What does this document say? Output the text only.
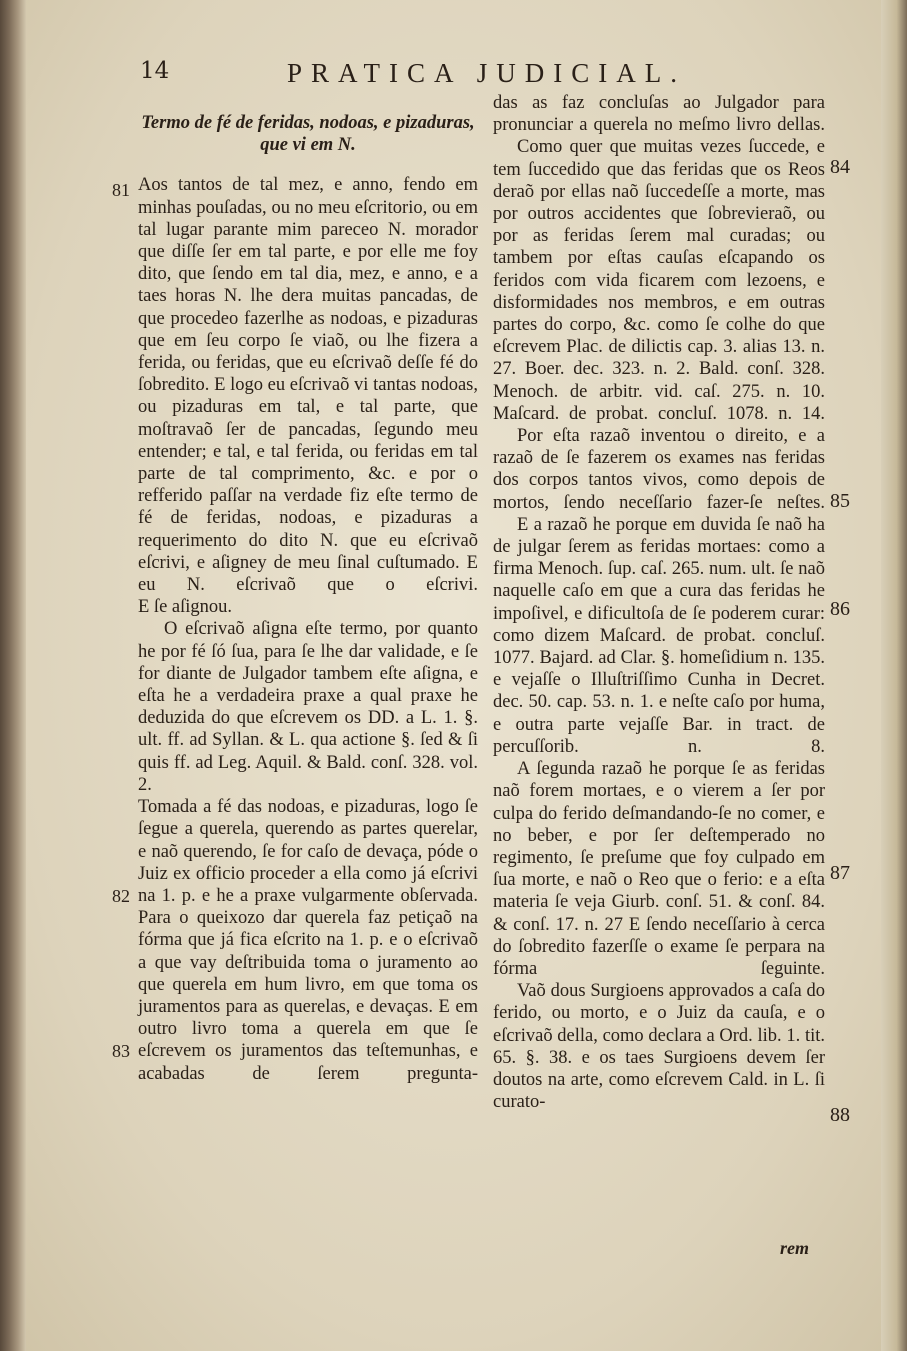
14	PRATICA JUDICIAL.

Termo de fé de feridas, nodoas, e pizaduras, que vi em N.

Aos tantos de tal mez, e anno, fendo em minhas pouſadas, ou no meu eſcritorio, ou em tal lugar parante mim pareceo N. morador que diſſe ſer em tal parte, e por elle me foy dito, que ſendo em tal dia, mez, e anno, e a taes horas N. lhe dera muitas pancadas, de que procedeo fazerlhe as nodoas, e pizaduras que em ſeu corpo ſe viaõ, ou lhe fizera a ferida, ou feridas, que eu eſcrivaõ deſſe fé do ſobredito. E logo eu eſcrivaõ vi tantas nodoas, ou pizaduras em tal, e tal parte, que moſtravaõ ſer de pancadas, ſegundo meu entender; e tal, e tal ferida, ou feridas em tal parte de tal comprimento, &c. e por o refferido paſſar na verdade fiz eſte termo de fé de feridas, nodoas, e pizaduras a requerimento do dito N. que eu eſcrivaõ eſcrivi, e aſigney de meu ſinal cuſtumado. E eu N. eſcrivaõ que o eſcrivi.

E ſe aſignou.

O eſcrivaõ aſigna eſte termo, por quanto he por fé ſó ſua, para ſe lhe dar validade, e ſe for diante de Julgador tambem eſte aſigna, e eſta he a verdadeira praxe a qual praxe he deduzida do que eſcrevem os DD. a L. 1. §. ult. ff. ad Syllan. & L. qua actione §. ſed & ſi quis ff. ad Leg. Aquil. & Bald. conſ. 328. vol. 2.

Tomada a fé das nodoas, e pizaduras, logo ſe ſegue a querela, querendo as partes querelar, e naõ querendo, ſe for caſo de devaça, póde o Juiz ex officio proceder a ella como já eſcrivi na 1. p. e he a praxe vulgarmente obſervada.

Para o queixozo dar querela faz petiçaõ na fórma que já fica eſcrito na 1. p. e o eſcrivaõ a que vay deſtribuida toma o juramento ao que querela em hum livro, em que toma os juramentos para as querelas, e devaças. E em outro livro toma a querela em que ſe eſcrevem os juramentos das teſtemunhas, e acabadas de ſerem pregunta-

81
82
83

das as faz concluſas ao Julgador para pronunciar a querela no meſmo livro dellas.

Como quer que muitas vezes ſuccede, e tem ſuccedido que das feridas que os Reos deraõ por ellas naõ ſuccedeſſe a morte, mas por outros accidentes que ſobrevieraõ, ou por as feridas ſerem mal curadas; ou tambem por eſtas cauſas eſcapando os feridos com vida ficarem com lezoens, e disformidades nos membros, e em outras partes do corpo, &c. como ſe colhe do que eſcrevem Plac. de dilictis cap. 3. alias 13. n. 27. Boer. dec. 323. n. 2. Bald. conſ. 328. Menoch. de arbitr. vid. caſ. 275. n. 10. Maſcard. de probat. concluſ. 1078. n. 14.

Por eſta razaõ inventou o direito, e a razaõ de ſe fazerem os exames nas feridas dos corpos tantos vivos, como depois de mortos, ſendo neceſſario fazer-ſe neſtes.

E a razaõ he porque em duvida ſe naõ ha de julgar ſerem as feridas mortaes: como a firma Menoch. ſup. caſ. 265. num. ult. ſe naõ naquelle caſo em que a cura das feridas he impoſivel, e dificultoſa de ſe poderem curar: como dizem Maſcard. de probat. concluſ. 1077. Bajard. ad Clar. §. homeſidium n. 135. e vejaſſe o Illuſtriſſimo Cunha in Decret. dec. 50. cap. 53. n. 1. e neſte caſo por huma, e outra parte vejaſſe Bar. in tract. de percuſſorib. n. 8.

A ſegunda razaõ he porque ſe as feridas naõ forem mortaes, e o vierem a ſer por culpa do ferido deſmandando-ſe no comer, e no beber, e por ſer deſtemperado no regimento, ſe preſume que foy culpado em ſua morte, e naõ o Reo que o ferio: e a eſta materia ſe veja Giurb. conſ. 51. & conſ. 84. & conſ. 17. n. 27 E ſendo neceſſario à cerca do ſobredito fazerſſe o exame ſe perpara na fórma ſeguinte.

Vaõ dous Surgioens approvados a caſa do ferido, ou morto, e o Juiz da cauſa, e o eſcrivaõ della, como declara a Ord. lib. 1. tit. 65. §. 38. e os taes Surgioens devem ſer doutos na arte, como eſcrevem Cald. in L. ſi curato-

84
85
86
87
88
rem
